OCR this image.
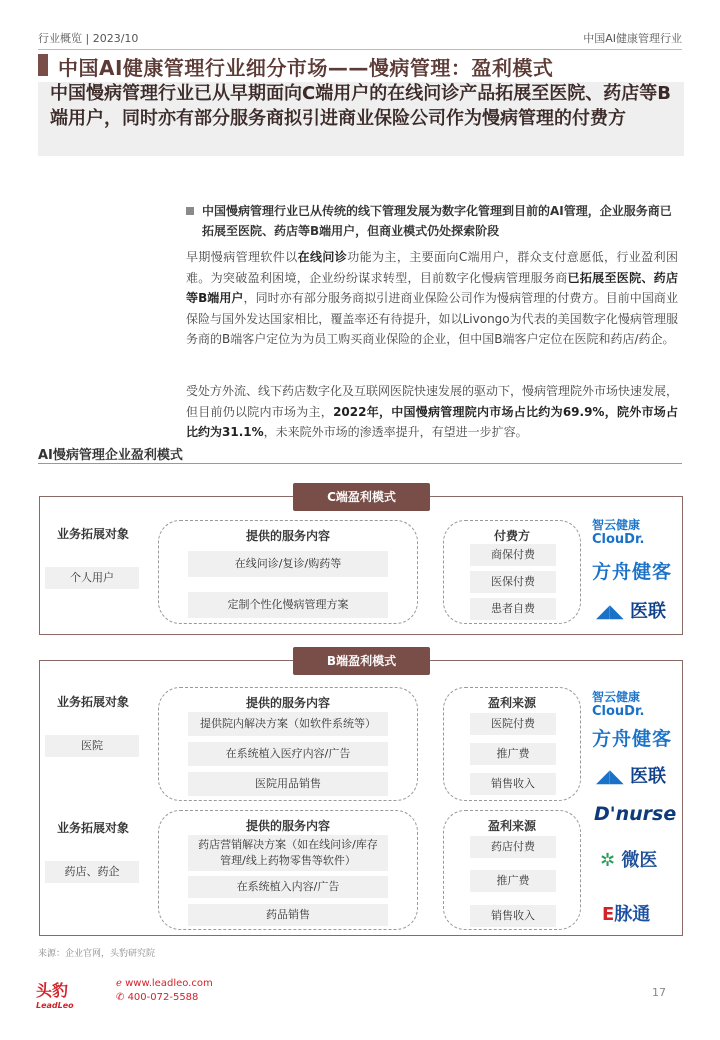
行业概览 | 2023/10	中国AI健康管理行业
中国AI健康管理行业细分市场——慢病管理：盈利模式
中国慢病管理行业已从早期面向C端用户的在线问诊产品拓展至医院、药店等B端用户，同时亦有部分服务商拟引进商业保险公司作为慢病管理的付费方
中国慢病管理行业已从传统的线下管理发展为数字化管理到目前的AI管理，企业服务商已拓展至医院、药店等B端用户，但商业模式仍处探索阶段
早期慢病管理软件以在线问诊功能为主，主要面向C端用户，群众支付意愿低，行业盈利困难。为突破盈利困境，企业纷纷谋求转型，目前数字化慢病管理服务商已拓展至医院、药店等B端用户，同时亦有部分服务商拟引进商业保险公司作为慢病管理的付费方。目前中国商业保险与国外发达国家相比，覆盖率还有待提升，如以Livongo为代表的美国数字化慢病管理服务商的B端客户定位为为员工购买商业保险的企业，但中国B端客户定位在医院和药店/药企。
受处方外流、线下药店数字化及互联网医院快速发展的驱动下，慢病管理院外市场快速发展，但目前仍以院内市场为主，2022年，中国慢病管理院内市场占比约为69.9%，院外市场占比约为31.1%，未来院外市场的渗透率提升，有望进一步扩容。
AI慢病管理企业盈利模式
C端盈利模式
业务拓展对象
个人用户
提供的服务内容
在线问诊/复诊/购药等
定制个性化慢病管理方案
付费方
商保付费
医保付费
患者自费
智云健康
ClouDr.
方舟健客
◢◣ 医联
B端盈利模式
业务拓展对象
医院
提供的服务内容
提供院内解决方案（如软件系统等）
在系统植入医疗内容/广告
医院用品销售
盈利来源
医院付费
推广费
销售收入
业务拓展对象
药店、药企
提供的服务内容
药店营销解决方案（如在线问诊/库存管理/线上药物零售等软件）
在系统植入内容/广告
药品销售
盈利来源
药店付费
推广费
销售收入
智云健康
ClouDr.
方舟健客
◢◣ 医联
D'nurse
✲ 微医
E脉通
来源：企业官网，头豹研究院
头豹
LeadLeo
ℯ www.leadleo.com
✆ 400-072-5588	17
